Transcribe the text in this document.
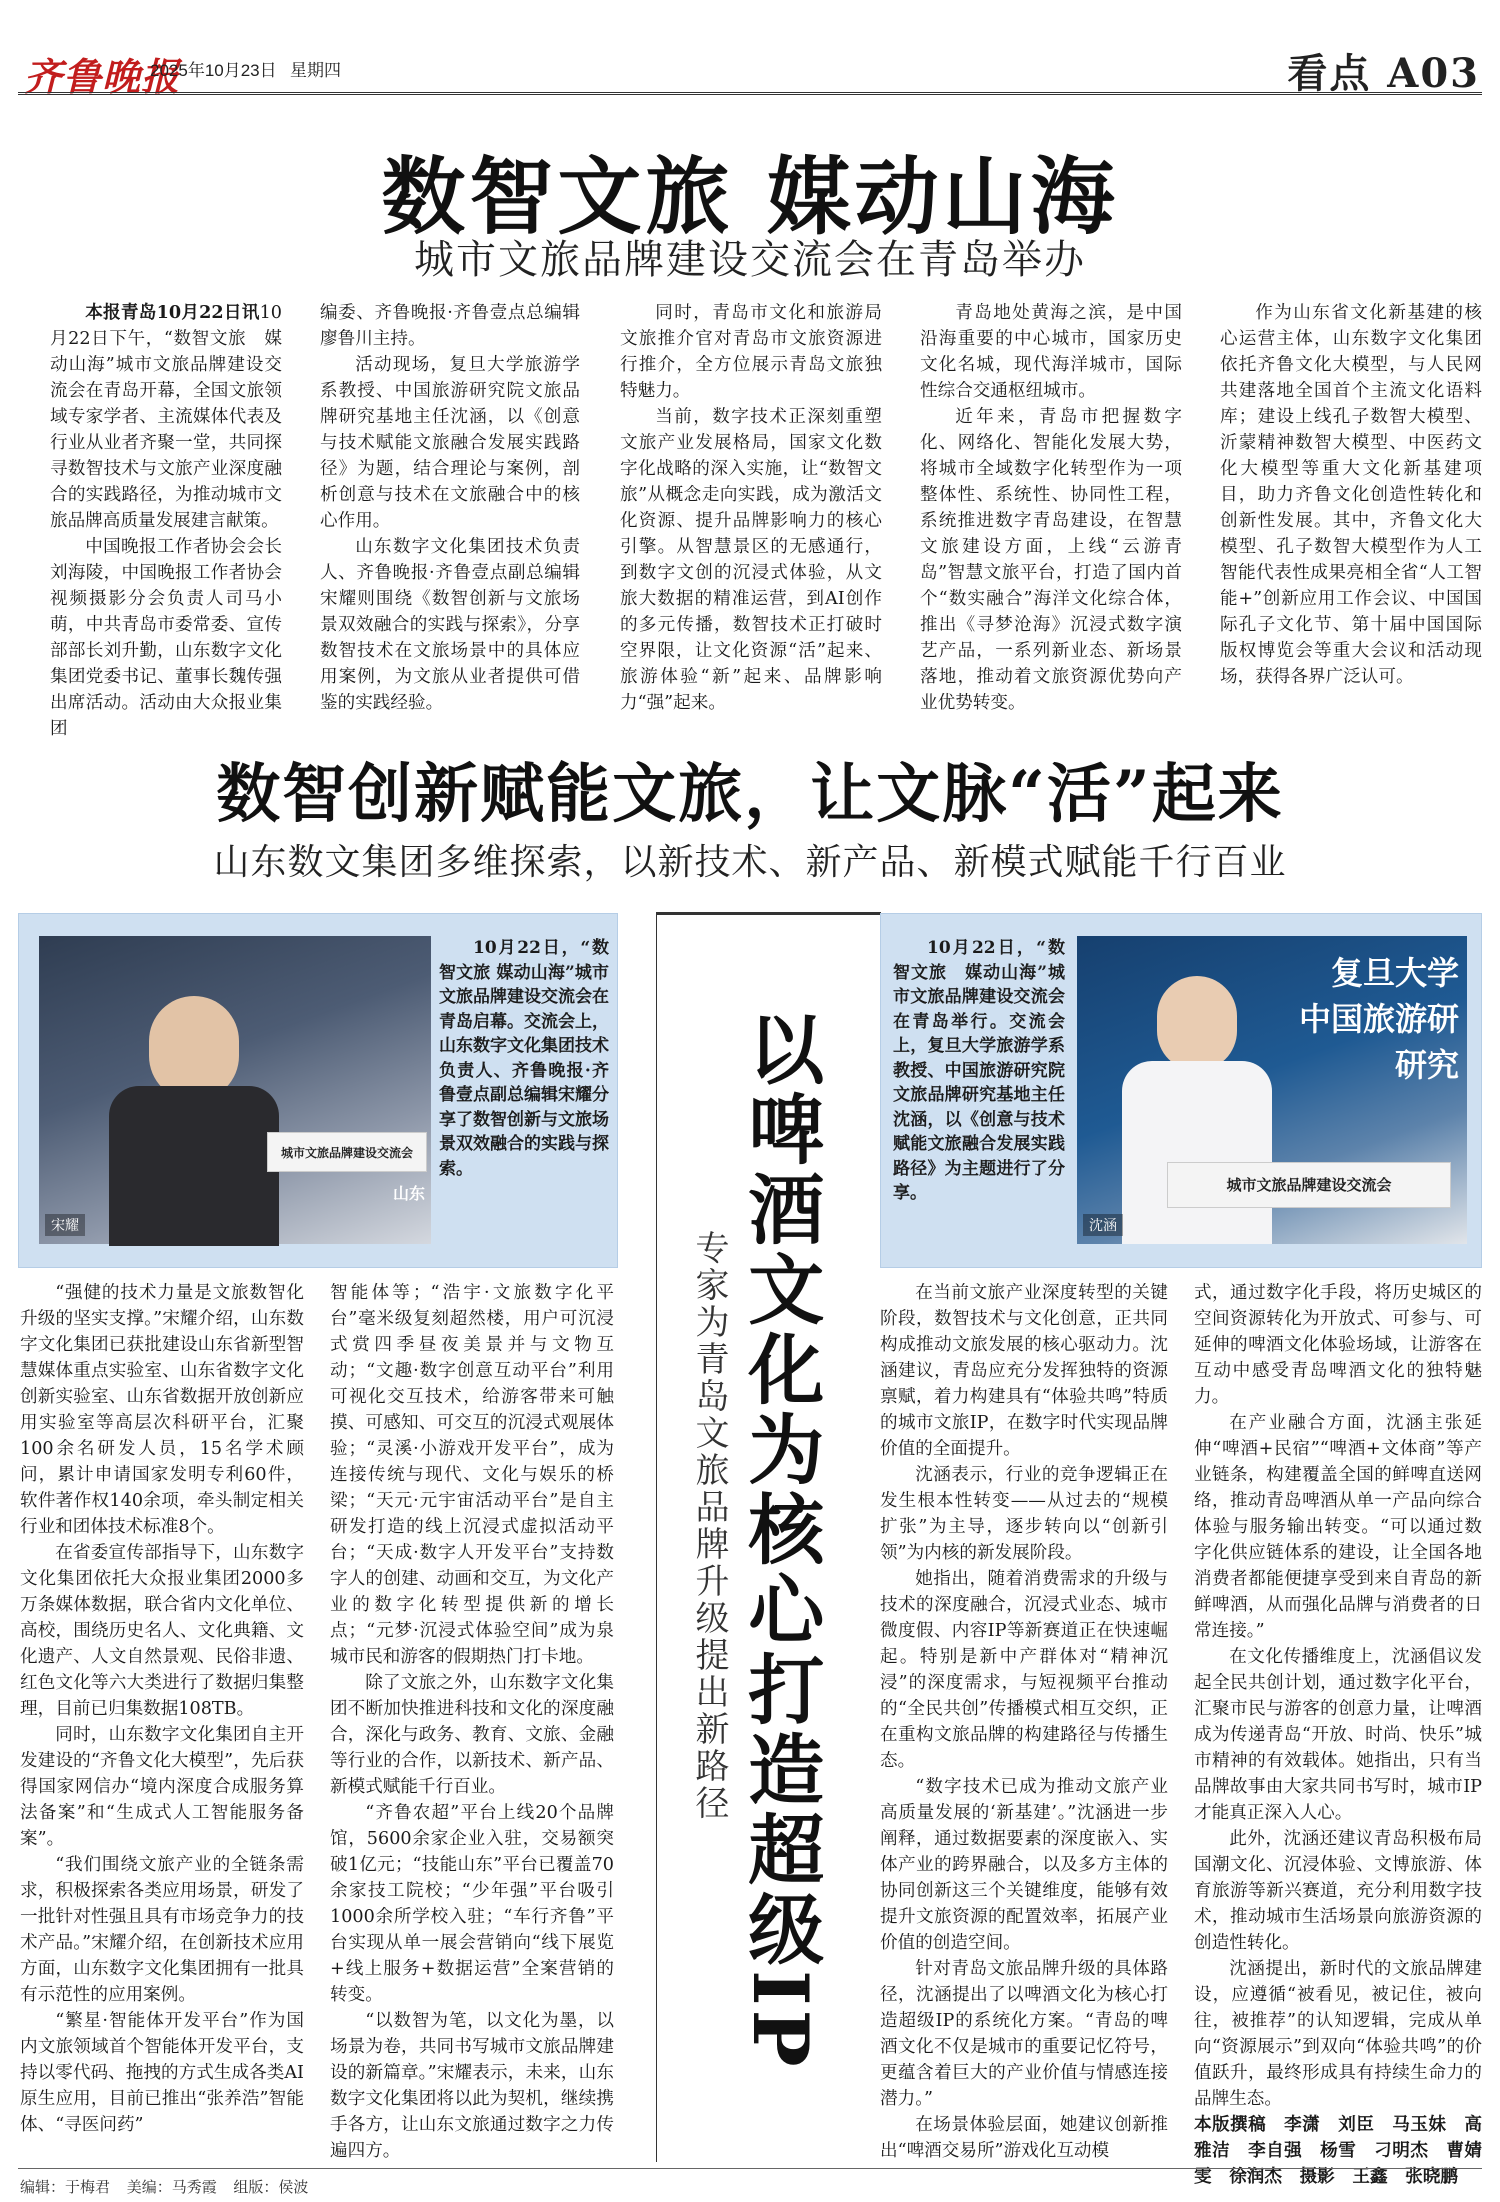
齐鲁晚报
2025年10月23日 星期四	看点 A03
数智文旅 媒动山海
城市文旅品牌建设交流会在青岛举办

本报青岛10月22日讯10月22日下午，“数智文旅　媒动山海”城市文旅品牌建设交流会在青岛开幕，全国文旅领域专家学者、主流媒体代表及行业从业者齐聚一堂，共同探寻数智技术与文旅产业深度融合的实践路径，为推动城市文旅品牌高质量发展建言献策。

中国晚报工作者协会会长刘海陵，中国晚报工作者协会视频摄影分会负责人司马小萌，中共青岛市委常委、宣传部部长刘升勤，山东数字文化集团党委书记、董事长魏传强出席活动。活动由大众报业集团

编委、齐鲁晚报·齐鲁壹点总编辑廖鲁川主持。

活动现场，复旦大学旅游学系教授、中国旅游研究院文旅品牌研究基地主任沈涵，以《创意与技术赋能文旅融合发展实践路径》为题，结合理论与案例，剖析创意与技术在文旅融合中的核心作用。

山东数字文化集团技术负责人、齐鲁晚报·齐鲁壹点副总编辑宋耀则围绕《数智创新与文旅场景双效融合的实践与探索》，分享数智技术在文旅场景中的具体应用案例，为文旅从业者提供可借鉴的实践经验。

同时，青岛市文化和旅游局文旅推介官对青岛市文旅资源进行推介，全方位展示青岛文旅独特魅力。

当前，数字技术正深刻重塑文旅产业发展格局，国家文化数字化战略的深入实施，让“数智文旅”从概念走向实践，成为激活文化资源、提升品牌影响力的核心引擎。从智慧景区的无感通行，到数字文创的沉浸式体验，从文旅大数据的精准运营，到AI创作的多元传播，数智技术正打破时空界限，让文化资源“活”起来、旅游体验“新”起来、品牌影响力“强”起来。

青岛地处黄海之滨，是中国沿海重要的中心城市，国家历史文化名城，现代海洋城市，国际性综合交通枢纽城市。

近年来，青岛市把握数字化、网络化、智能化发展大势，将城市全域数字化转型作为一项整体性、系统性、协同性工程，系统推进数字青岛建设，在智慧文旅建设方面，上线“云游青岛”智慧文旅平台，打造了国内首个“数实融合”海洋文化综合体，推出《寻梦沧海》沉浸式数字演艺产品，一系列新业态、新场景落地，推动着文旅资源优势向产业优势转变。

作为山东省文化新基建的核心运营主体，山东数字文化集团依托齐鲁文化大模型，与人民网共建落地全国首个主流文化语料库；建设上线孔子数智大模型、沂蒙精神数智大模型、中医药文化大模型等重大文化新基建项目，助力齐鲁文化创造性转化和创新性发展。其中，齐鲁文化大模型、孔子数智大模型作为人工智能代表性成果亮相全省“人工智能+”创新应用工作会议、中国国际孔子文化节、第十届中国国际版权博览会等重大会议和活动现场，获得各界广泛认可。

数智创新赋能文旅，让文脉“活”起来
山东数文集团多维探索，以新技术、新产品、新模式赋能千行百业
城市文旅品牌建设交流会
山东
宋耀
10月22日，“数智文旅 媒动山海”城市文旅品牌建设交流会在青岛启幕。交流会上，山东数字文化集团技术负责人、齐鲁晚报·齐鲁壹点副总编辑宋耀分享了数智创新与文旅场景双效融合的实践与探索。

“强健的技术力量是文旅数智化升级的坚实支撑。”宋耀介绍，山东数字文化集团已获批建设山东省新型智慧媒体重点实验室、山东省数字文化创新实验室、山东省数据开放创新应用实验室等高层次科研平台，汇聚100余名研发人员，15名学术顾问，累计申请国家发明专利60件，软件著作权140余项，牵头制定相关行业和团体技术标准8个。

在省委宣传部指导下，山东数字文化集团依托大众报业集团2000多万条媒体数据，联合省内文化单位、高校，围绕历史名人、文化典籍、文化遗产、人文自然景观、民俗非遗、红色文化等六大类进行了数据归集整理，目前已归集数据108TB。

同时，山东数字文化集团自主开发建设的“齐鲁文化大模型”，先后获得国家网信办“境内深度合成服务算法备案”和“生成式人工智能服务备案”。

“我们围绕文旅产业的全链条需求，积极探索各类应用场景，研发了一批针对性强且具有市场竞争力的技术产品。”宋耀介绍，在创新技术应用方面，山东数字文化集团拥有一批具有示范性的应用案例。

“繁星·智能体开发平台”作为国内文旅领域首个智能体开发平台，支持以零代码、拖拽的方式生成各类AI原生应用，目前已推出“张养浩”智能体、“寻医问药”

智能体等；“浩宇·文旅数字化平台”毫米级复刻超然楼，用户可沉浸式赏四季昼夜美景并与文物互动；“文趣·数字创意互动平台”利用可视化交互技术，给游客带来可触摸、可感知、可交互的沉浸式观展体验；“灵溪·小游戏开发平台”，成为连接传统与现代、文化与娱乐的桥梁；“天元·元宇宙活动平台”是自主研发打造的线上沉浸式虚拟活动平台；“天成·数字人开发平台”支持数字人的创建、动画和交互，为文化产业的数字化转型提供新的增长点；“元梦·沉浸式体验空间”成为泉城市民和游客的假期热门打卡地。

除了文旅之外，山东数字文化集团不断加快推进科技和文化的深度融合，深化与政务、教育、文旅、金融等行业的合作，以新技术、新产品、新模式赋能千行百业。

“齐鲁农超”平台上线20个品牌馆，5600余家企业入驻，交易额突破1亿元；“技能山东”平台已覆盖70余家技工院校；“少年强”平台吸引1000余所学校入驻；“车行齐鲁”平台实现从单一展会营销向“线下展览+线上服务+数据运营”全案营销的转变。

“以数智为笔，以文化为墨，以场景为卷，共同书写城市文旅品牌建设的新篇章。”宋耀表示，未来，山东数字文化集团将以此为契机，继续携手各方，让山东文旅通过数字之力传遍四方。

以啤酒文化为核心打造超级IP
专家为青岛文旅品牌升级提出新路径
10月22日，“数智文旅　媒动山海”城市文旅品牌建设交流会在青岛举行。交流会上，复旦大学旅游学系教授、中国旅游研究院文旅品牌研究基地主任沈涵，以《创意与技术赋能文旅融合发展实践路径》为主题进行了分享。
复旦大学
中国旅游研
研究
城市文旅品牌建设交流会
沈涵

在当前文旅产业深度转型的关键阶段，数智技术与文化创意，正共同构成推动文旅发展的核心驱动力。沈涵建议，青岛应充分发挥独特的资源禀赋，着力构建具有“体验共鸣”特质的城市文旅IP，在数字时代实现品牌价值的全面提升。

沈涵表示，行业的竞争逻辑正在发生根本性转变——从过去的“规模扩张”为主导，逐步转向以“创新引领”为内核的新发展阶段。

她指出，随着消费需求的升级与技术的深度融合，沉浸式业态、城市微度假、内容IP等新赛道正在快速崛起。特别是新中产群体对“精神沉浸”的深度需求，与短视频平台推动的“全民共创”传播模式相互交织，正在重构文旅品牌的构建路径与传播生态。

“数字技术已成为推动文旅产业高质量发展的‘新基建’。”沈涵进一步阐释，通过数据要素的深度嵌入、实体产业的跨界融合，以及多方主体的协同创新这三个关键维度，能够有效提升文旅资源的配置效率，拓展产业价值的创造空间。

针对青岛文旅品牌升级的具体路径，沈涵提出了以啤酒文化为核心打造超级IP的系统化方案。“青岛的啤酒文化不仅是城市的重要记忆符号，更蕴含着巨大的产业价值与情感连接潜力。”

在场景体验层面，她建议创新推出“啤酒交易所”游戏化互动模

式，通过数字化手段，将历史城区的空间资源转化为开放式、可参与、可延伸的啤酒文化体验场域，让游客在互动中感受青岛啤酒文化的独特魅力。

在产业融合方面，沈涵主张延伸“啤酒+民宿”“啤酒+文体商”等产业链条，构建覆盖全国的鲜啤直送网络，推动青岛啤酒从单一产品向综合体验与服务输出转变。“可以通过数字化供应链体系的建设，让全国各地消费者都能便捷享受到来自青岛的新鲜啤酒，从而强化品牌与消费者的日常连接。”

在文化传播维度上，沈涵倡议发起全民共创计划，通过数字化平台，汇聚市民与游客的创意力量，让啤酒成为传递青岛“开放、时尚、快乐”城市精神的有效载体。她指出，只有当品牌故事由大家共同书写时，城市IP才能真正深入人心。

此外，沈涵还建议青岛积极布局国潮文化、沉浸体验、文博旅游、体育旅游等新兴赛道，充分利用数字技术，推动城市生活场景向旅游资源的创造性转化。

沈涵提出，新时代的文旅品牌建设，应遵循“被看见，被记住，被向往，被推荐”的认知逻辑，完成从单向“资源展示”到双向“体验共鸣”的价值跃升，最终形成具有持续生命力的品牌生态。

本版撰稿　李潇　刘臣　马玉妹　高雅洁　李自强　杨雪　刁明杰　曹婧雯　徐润杰　摄影　王鑫　张晓鹏

编辑：于梅君 美编：马秀霞 组版：侯波
